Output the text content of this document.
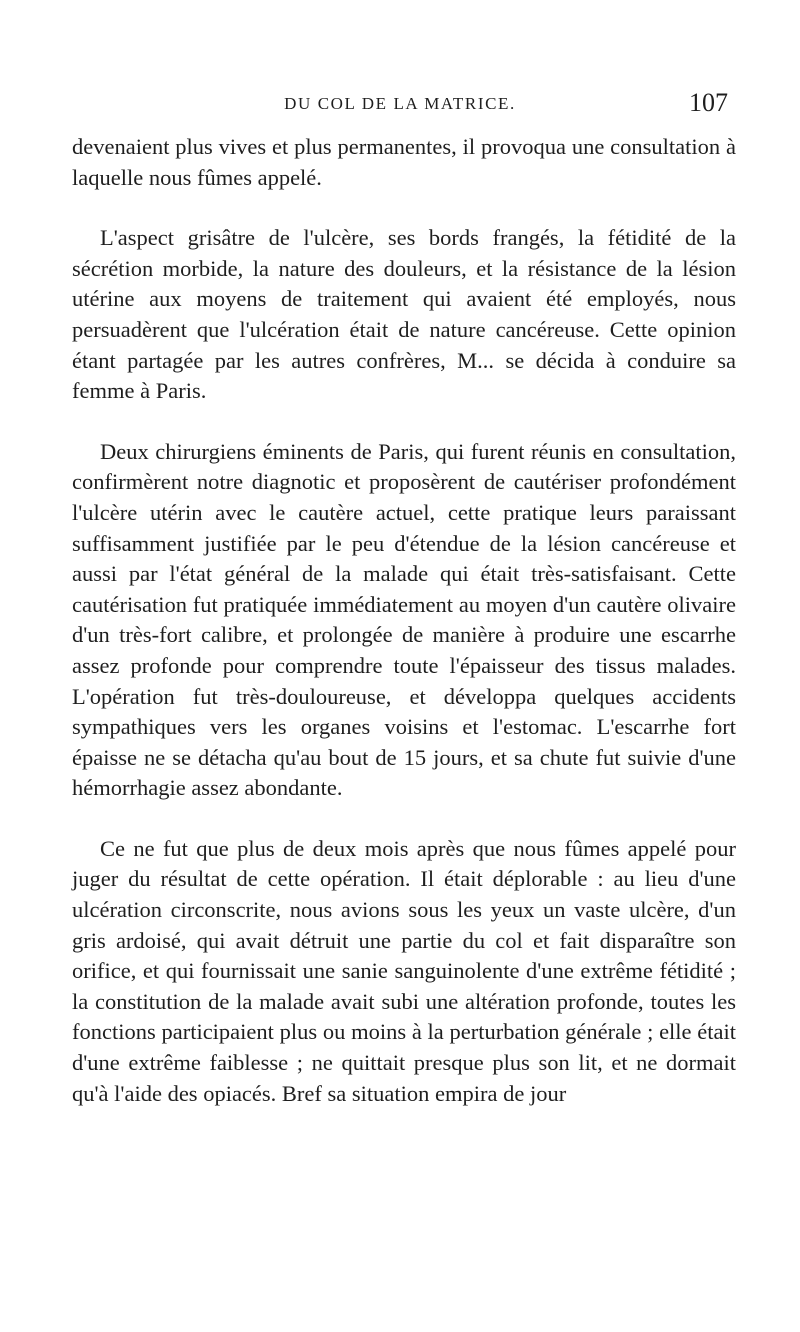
DU COL DE LA MATRICE.	107

devenaient plus vives et plus permanentes, il provoqua une consultation à laquelle nous fûmes appelé.

L'aspect grisâtre de l'ulcère, ses bords frangés, la fétidité de la sécrétion morbide, la nature des douleurs, et la résistance de la lésion utérine aux moyens de traitement qui avaient été employés, nous persuadèrent que l'ulcération était de nature cancéreuse. Cette opinion étant partagée par les autres confrères, M... se décida à conduire sa femme à Paris.

Deux chirurgiens éminents de Paris, qui furent réunis en consultation, confirmèrent notre diagnotic et proposèrent de cautériser profondément l'ulcère utérin avec le cautère actuel, cette pratique leurs paraissant suffisamment justifiée par le peu d'étendue de la lésion cancéreuse et aussi par l'état général de la malade qui était très-satisfaisant. Cette cautérisation fut pratiquée immédiatement au moyen d'un cautère olivaire d'un très-fort calibre, et prolongée de manière à produire une escarrhe assez profonde pour comprendre toute l'épaisseur des tissus malades. L'opération fut très-douloureuse, et développa quelques accidents sympathiques vers les organes voisins et l'estomac. L'escarrhe fort épaisse ne se détacha qu'au bout de 15 jours, et sa chute fut suivie d'une hémorrhagie assez abondante.

Ce ne fut que plus de deux mois après que nous fûmes appelé pour juger du résultat de cette opération. Il était déplorable : au lieu d'une ulcération circonscrite, nous avions sous les yeux un vaste ulcère, d'un gris ardoisé, qui avait détruit une partie du col et fait disparaître son orifice, et qui fournissait une sanie sanguinolente d'une extrême fétidité ; la constitution de la malade avait subi une altération profonde, toutes les fonctions participaient plus ou moins à la perturbation générale ; elle était d'une extrême faiblesse ; ne quittait presque plus son lit, et ne dormait qu'à l'aide des opiacés. Bref sa situation empira de jour
